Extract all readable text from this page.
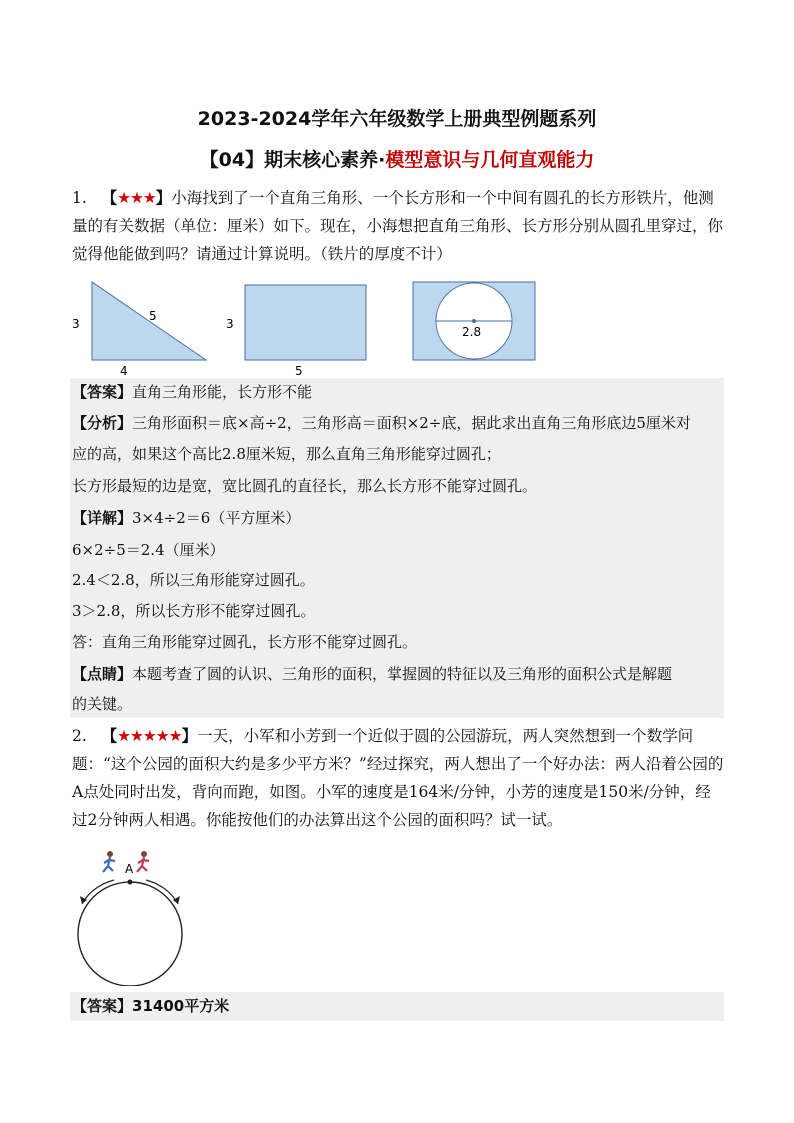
2023-2024学年六年级数学上册典型例题系列
【04】期末核心素养·模型意识与几何直观能力
1. 【★★★】小海找到了一个直角三角形、一个长方形和一个中间有圆孔的长方形铁片，他测量的有关数据（单位：厘米）如下。现在，小海想把直角三角形、长方形分别从圆孔里穿过，你觉得他能做到吗？请通过计算说明。（铁片的厚度不计）
3
5
4
3
5
2.8
【答案】直角三角形能，长方形不能
【分析】三角形面积＝底×高÷2，三角形高＝面积×2÷底，据此求出直角三角形底边5厘米对
应的高，如果这个高比2.8厘米短，那么直角三角形能穿过圆孔；
长方形最短的边是宽，宽比圆孔的直径长，那么长方形不能穿过圆孔。
【详解】3×4÷2＝6（平方厘米）
6×2÷5＝2.4（厘米）
2.4＜2.8，所以三角形能穿过圆孔。
3＞2.8，所以长方形不能穿过圆孔。
答：直角三角形能穿过圆孔，长方形不能穿过圆孔。
【点睛】本题考查了圆的认识、三角形的面积，掌握圆的特征以及三角形的面积公式是解题
的关键。
2. 【★★★★★】一天，小军和小芳到一个近似于圆的公园游玩，两人突然想到一个数学问题：“这个公园的面积大约是多少平方米？”经过探究，两人想出了一个好办法：两人沿着公园的A点处同时出发，背向而跑，如图。小军的速度是164米/分钟，小芳的速度是150米/分钟，经过2分钟两人相遇。你能按他们的办法算出这个公园的面积吗？试一试。
A
【答案】31400平方米
